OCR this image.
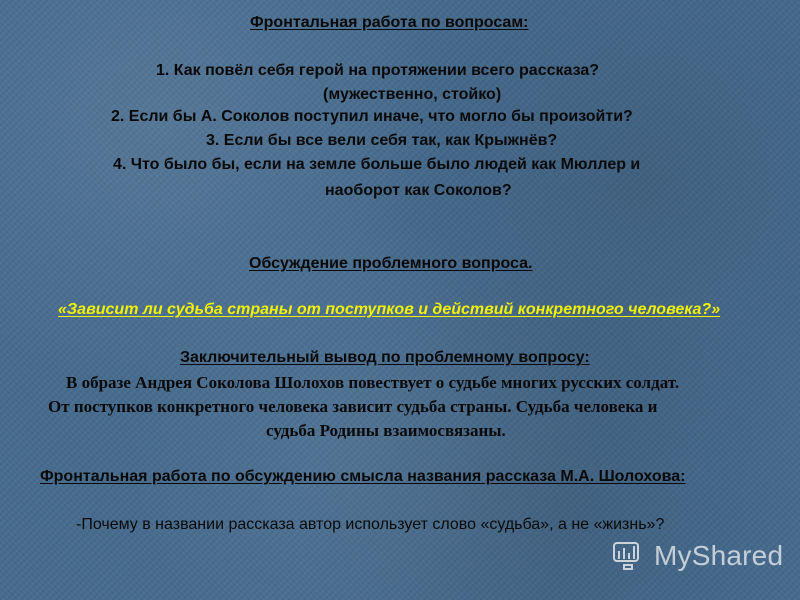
Фронтальная работа по вопросам:
1. Как повёл себя герой на протяжении всего рассказа?
(мужественно, стойко)
2. Если бы А. Соколов поступил иначе, что могло бы произойти?
3. Если бы все вели себя так, как Крыжнёв?
4. Что было бы, если на земле больше было людей как Мюллер и
наоборот как Соколов?
Обсуждение проблемного вопроса.
«Зависит ли судьба страны от поступков и действий конкретного человека?»
Заключительный вывод по проблемному вопросу:
В образе Андрея Соколова Шолохов повествует о судьбе многих русских солдат.
От поступков конкретного человека зависит судьба страны. Судьба человека и
судьба Родины взаимосвязаны.
Фронтальная работа по обсуждению смысла названия рассказа М.А. Шолохова:
-Почему в названии рассказа автор использует слово «судьба», а не «жизнь»?
MyShared
